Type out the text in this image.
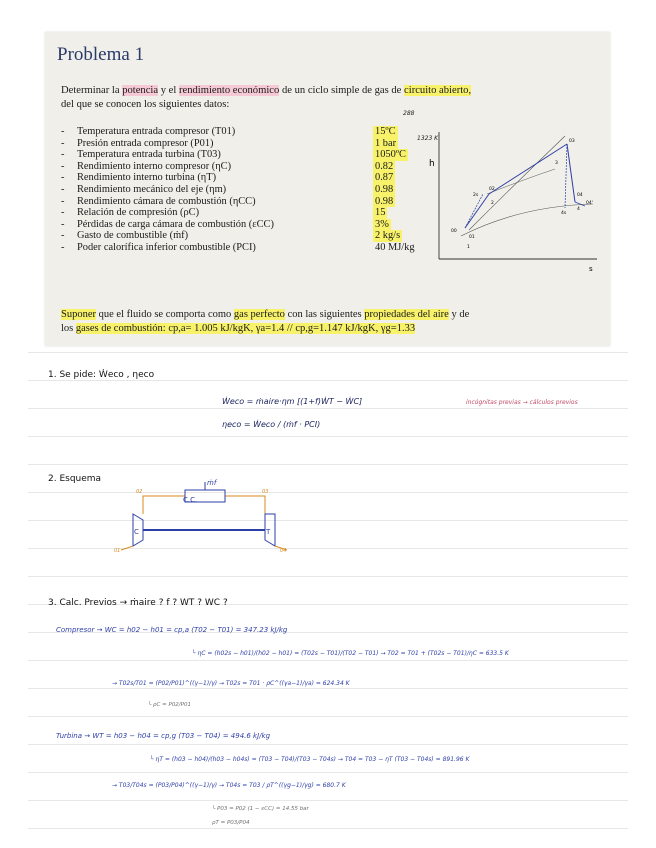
Problema 1
Determinar la potencia y el rendimiento económico de un ciclo simple de gas de circuito abierto,
del que se conocen los siguientes datos:
288
1323 K
- Temperatura entrada compresor (T01)	15ºC
- Presión entrada compresor (P01)	1 bar
- Temperatura entrada turbina (T03)	1050ºC
- Rendimiento interno compresor (ηC)	0.82
- Rendimiento interno turbina (ηT)	0.87
- Rendimiento mecánico del eje (ηm)	0.98
- Rendimiento cámara de combustión (ηCC)	0.98
- Relación de compresión (ρC)	15
- Pérdidas de carga cámara de combustión (εCC)	3%
- Gasto de combustible (ṁf)	2 kg/s
- Poder calorífica inferior combustible (PCI)	40 MJ/kg
h
s
03
3
02
2
04
4
4s
04'
01
1
00
2s
Suponer que el fluido se comporta como gas perfecto con las siguientes propiedades del aire y de
los gases de combustión: cp,a= 1.005 kJ/kgK, γa=1.4 // cp,g=1.147 kJ/kgK, γg=1.33
1. Se pide: Ẇeco , ηeco
Ẇeco = ṁaire·ηm [(1+f)ẆT − ẆC]	incógnitas previas → cálculos previos
ηeco = Ẇeco / (ṁf · PCI)
2. Esquema
C.C.
ṁf
C	T
02	03
01	04
3. Calc. Previos → ṁaire ? f ? WT ? WC ?
Compresor → WC = h02 − h01 = cp,a (T02 − T01) = 347.23 kJ/kg
└ ηC = (h02s − h01)/(h02 − h01) = (T02s − T01)/(T02 − T01) → T02 = T01 + (T02s − T01)/ηC = 633.5 K
→ T02s/T01 = (P02/P01)^((γ−1)/γ) → T02s = T01 · ρC^((γa−1)/γa) = 624.34 K
└ ρC = P02/P01
Turbina → WT = h03 − h04 = cp,g (T03 − T04) = 494.6 kJ/kg
└ ηT = (h03 − h04)/(h03 − h04s) = (T03 − T04)/(T03 − T04s) → T04 = T03 − ηT (T03 − T04s) = 891.96 K
→ T03/T04s = (P03/P04)^((γ−1)/γ) → T04s = T03 / ρT^((γg−1)/γg) = 680.7 K
└ P03 = P02 (1 − εCC) = 14.55 bar
ρT = P03/P04
